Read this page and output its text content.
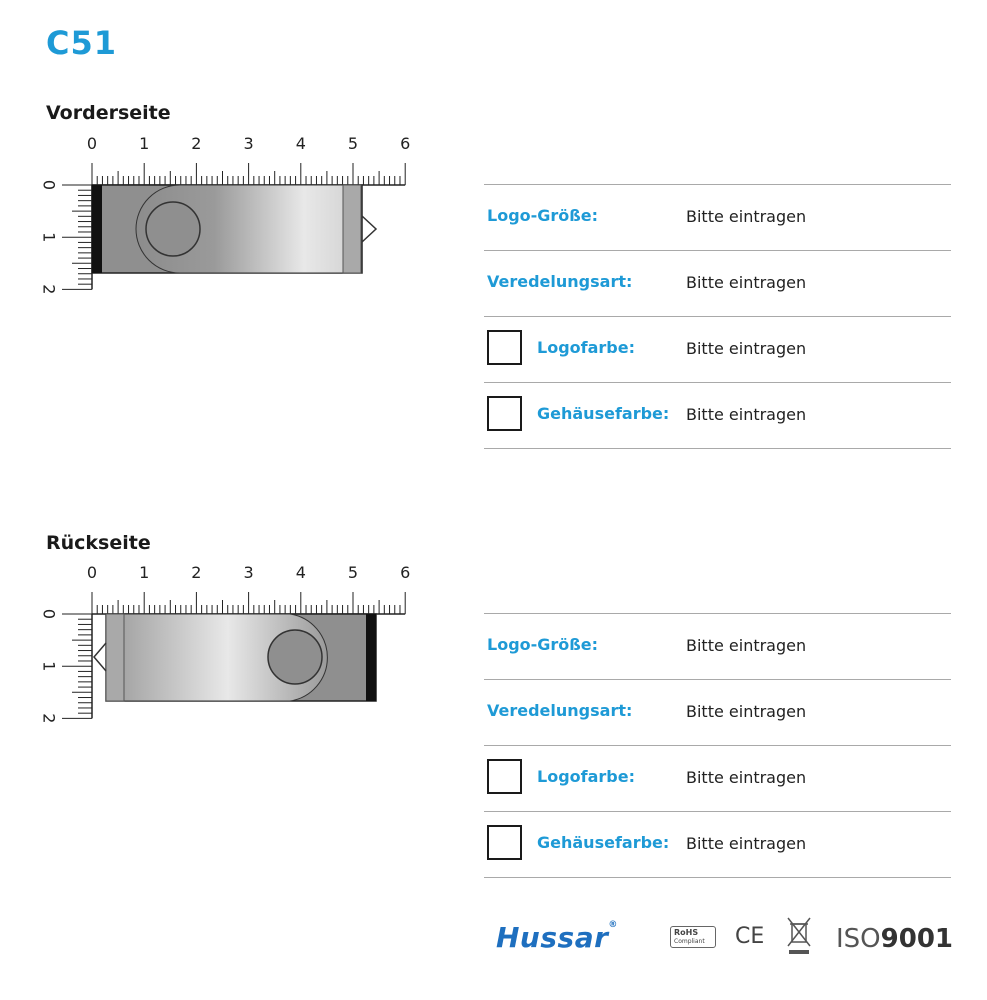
C51
Vorderseite
0	1	2	3	4	5	6
0
1
2
Logo-Größe:	Bitte eintragen
Veredelungsart:	Bitte eintragen
Logofarbe:	Bitte eintragen
Gehäusefarbe: Bitte eintragen
Rückseite
0	1	2	3	4	5	6
0
1
2
Logo-Größe:	Bitte eintragen
Veredelungsart:	Bitte eintragen
Logofarbe:	Bitte eintragen
Gehäusefarbe: Bitte eintragen
Hussar®
RoHS
Compliant	CE	ISO9001
